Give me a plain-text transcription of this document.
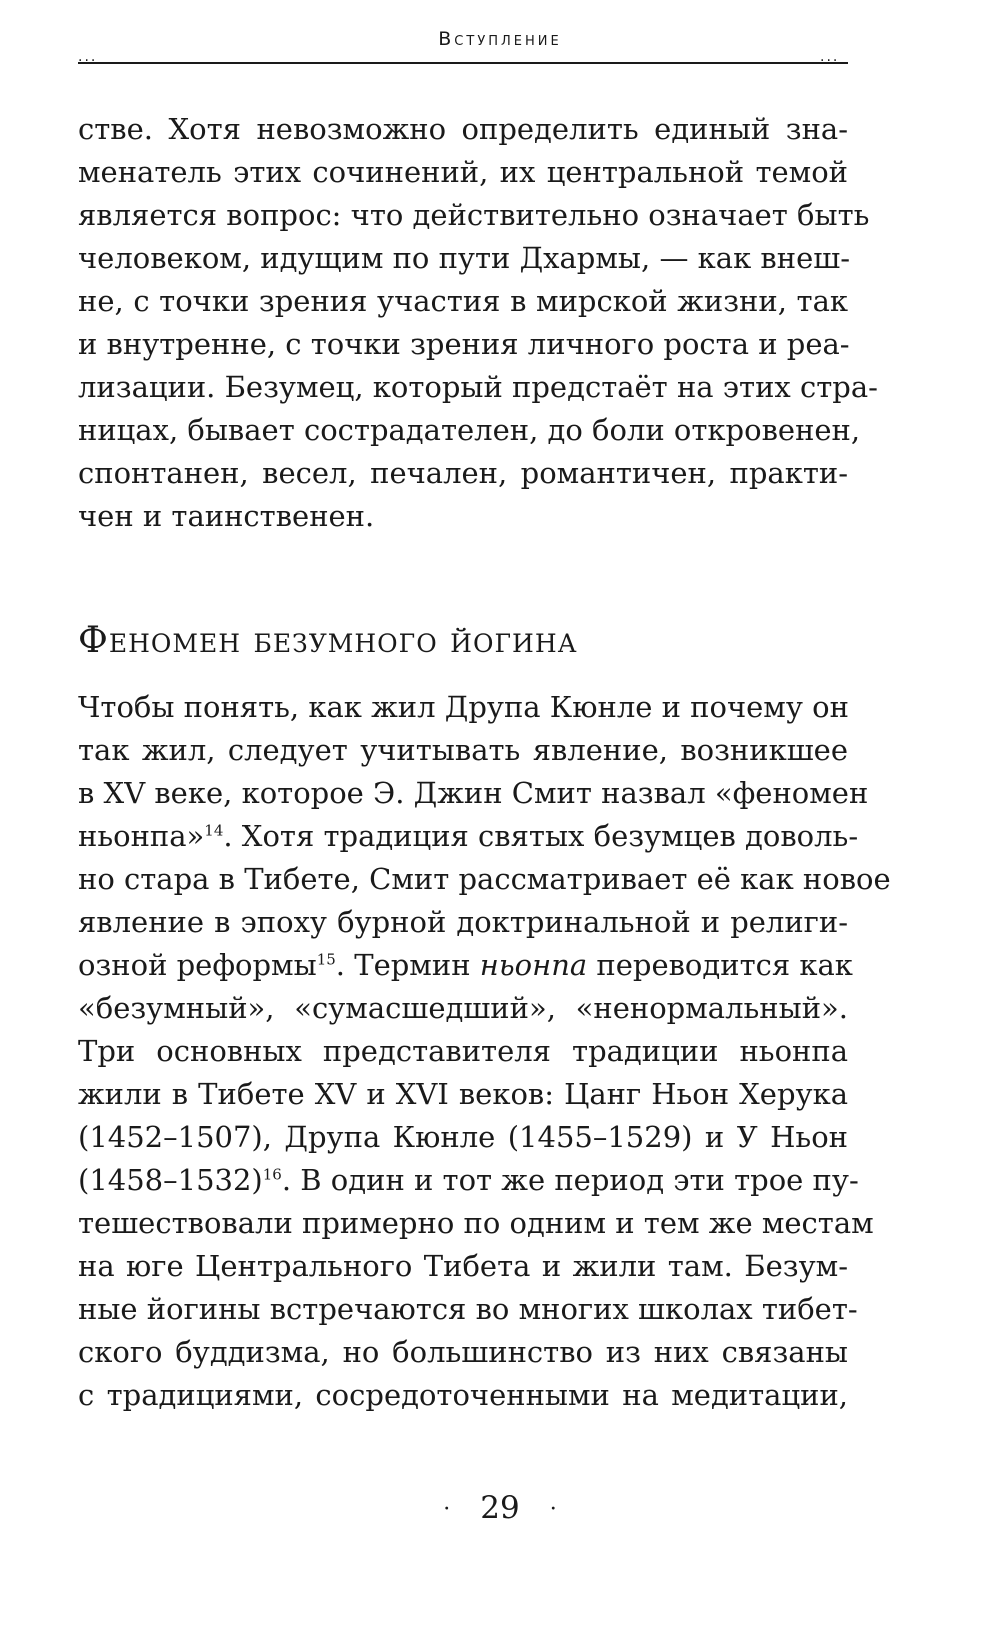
Вступление
···	···

стве. Хотя невозможно определить единый зна-
менатель этих сочинений, их центральной темой
является вопрос: что действительно означает быть
человеком, идущим по пути Дхармы, — как внеш-
не, с точки зрения участия в мирской жизни, так
и внутренне, с точки зрения личного роста и реа-
лизации. Безумец, который предстаёт на этих стра-
ницах, бывает сострадателен, до боли откровенен,
спонтанен, весел, печален, романтичен, практи-
чен и таинственен.

Феномен безумного йогина

Чтобы понять, как жил Друпа Кюнле и почему он
так жил, следует учитывать явление, возникшее
в XV веке, которое Э. Джин Смит назвал «феномен
ньонпа»$^{14}$. Хотя традиция святых безумцев доволь-
но стара в Тибете, Смит рассматривает её как новое
явление в эпоху бурной доктринальной и религи-
озной реформы$^{15}$. Термин ньонпа переводится как
«безумный», «сумасшедший», «ненормальный».
Три основных представителя традиции ньонпа
жили в Тибете XV и XVI веков: Цанг Ньон Херука
(1452–1507), Друпа Кюнле (1455–1529) и У Ньон
(1458–1532)$^{16}$. В один и тот же период эти трое пу-
тешествовали примерно по одним и тем же местам
на юге Центрального Тибета и жили там. Безум-
ные йогины встречаются во многих школах тибет-
ского буддизма, но большинство из них связаны
с традициями, сосредоточенными на медитации,

· 29 ·
